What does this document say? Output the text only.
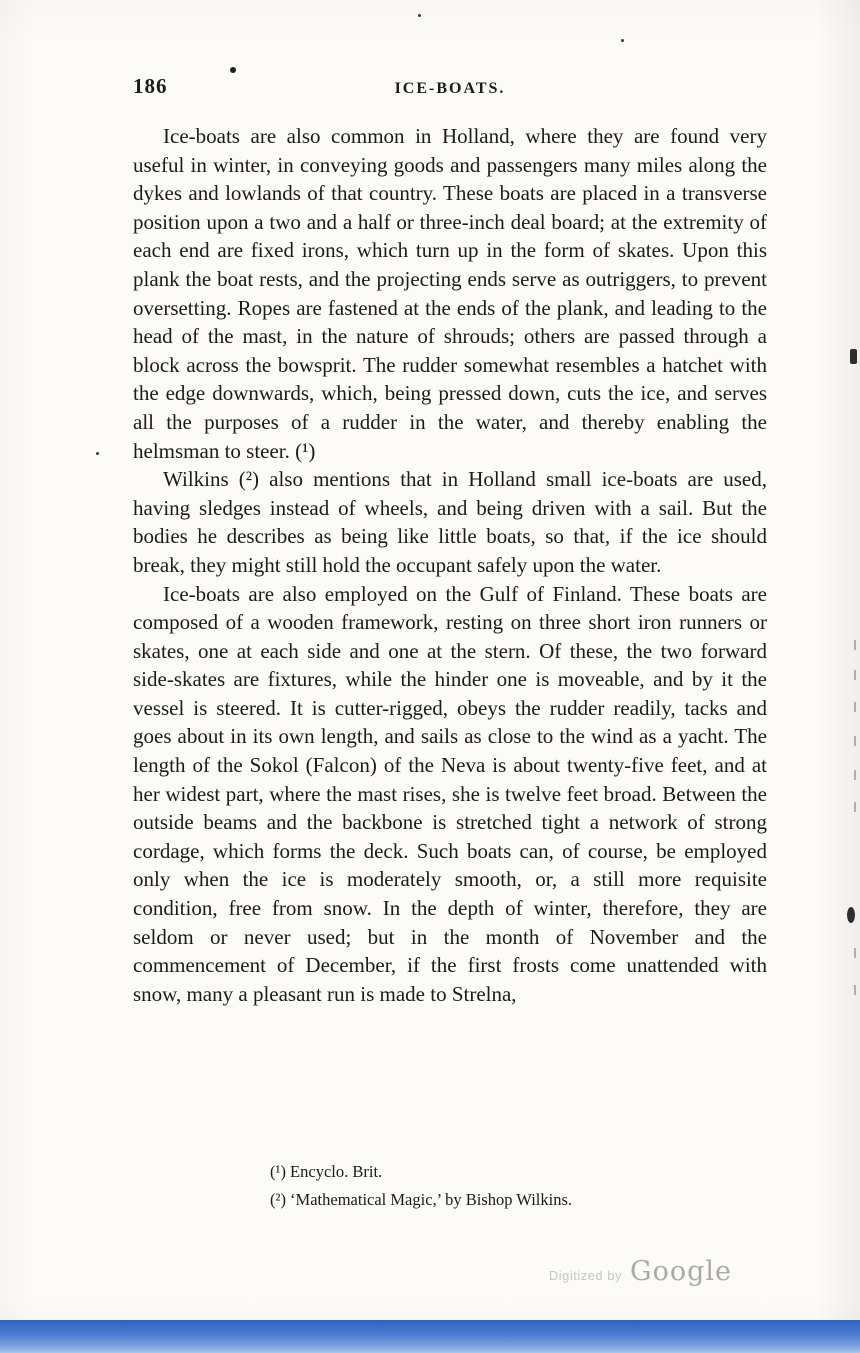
186	ICE-BOATS.

Ice-boats are also common in Holland, where they are found very useful in winter, in conveying goods and passengers many miles along the dykes and lowlands of that country. These boats are placed in a transverse position upon a two and a half or three-inch deal board; at the extremity of each end are fixed irons, which turn up in the form of skates. Upon this plank the boat rests, and the projecting ends serve as outriggers, to prevent oversetting. Ropes are fastened at the ends of the plank, and leading to the head of the mast, in the nature of shrouds; others are passed through a block across the bowsprit. The rudder somewhat resembles a hatchet with the edge downwards, which, being pressed down, cuts the ice, and serves all the purposes of a rudder in the water, and thereby enabling the helmsman to steer. (¹)

Wilkins (²) also mentions that in Holland small ice-boats are used, having sledges instead of wheels, and being driven with a sail. But the bodies he describes as being like little boats, so that, if the ice should break, they might still hold the occupant safely upon the water.

Ice-boats are also employed on the Gulf of Finland. These boats are composed of a wooden framework, resting on three short iron runners or skates, one at each side and one at the stern. Of these, the two forward side-skates are fixtures, while the hinder one is moveable, and by it the vessel is steered. It is cutter-rigged, obeys the rudder readily, tacks and goes about in its own length, and sails as close to the wind as a yacht. The length of the Sokol (Falcon) of the Neva is about twenty-five feet, and at her widest part, where the mast rises, she is twelve feet broad. Between the outside beams and the backbone is stretched tight a network of strong cordage, which forms the deck. Such boats can, of course, be employed only when the ice is moderately smooth, or, a still more requisite condition, free from snow. In the depth of winter, therefore, they are seldom or never used; but in the month of November and the commencement of December, if the first frosts come unattended with snow, many a pleasant run is made to Strelna,

(¹) Encyclo. Brit.
(²) ‘Mathematical Magic,’ by Bishop Wilkins.
Digitized by Google
